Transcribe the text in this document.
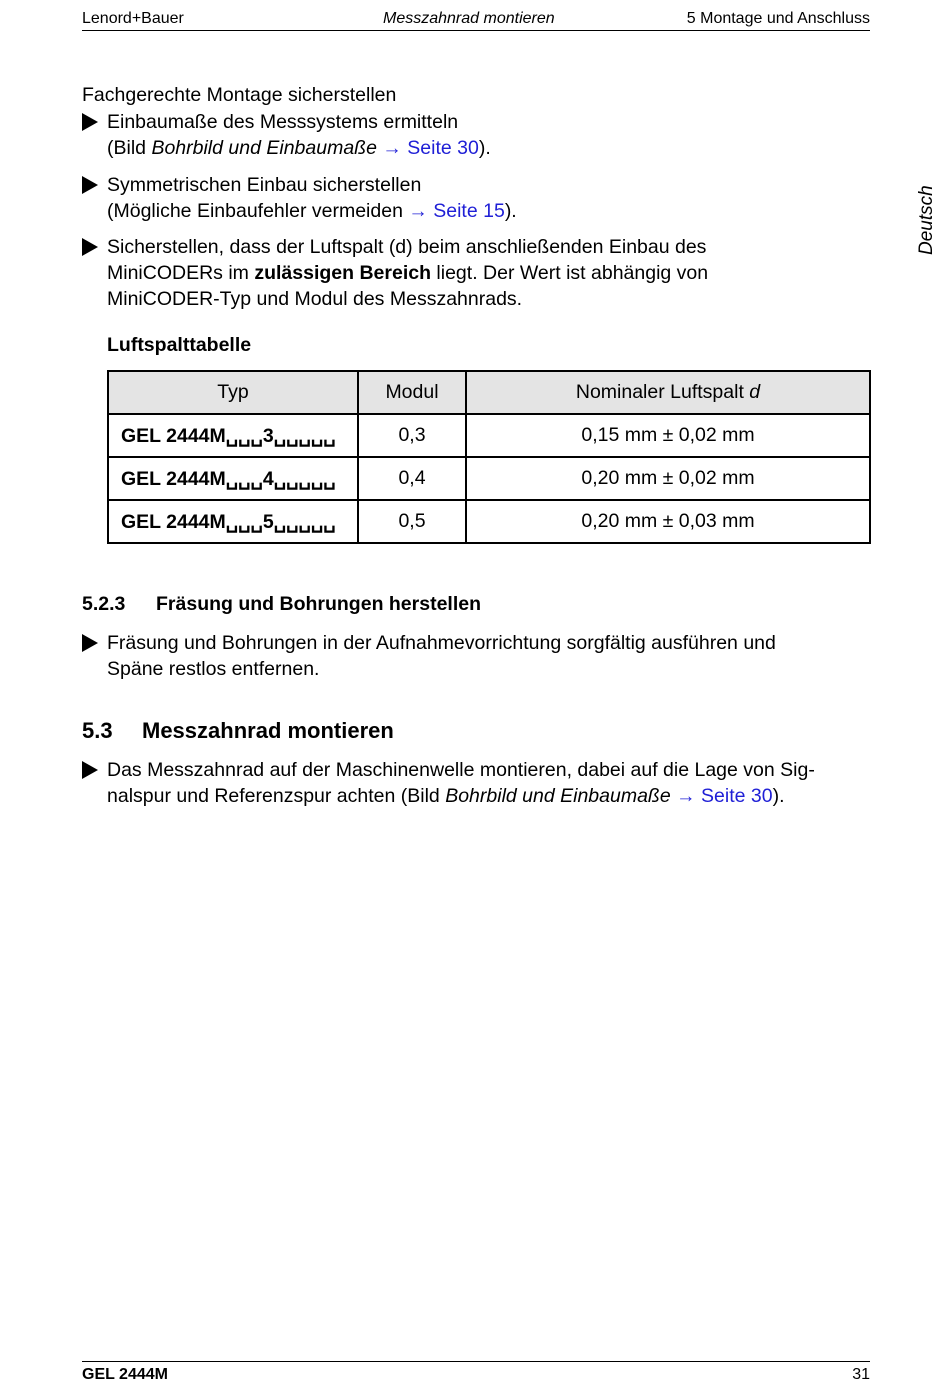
Lenord+Bauer	Messzahnrad montieren	5 Montage und Anschluss
Deutsch
Fachgerechte Montage sicherstellen
Einbaumaße des Messsystems ermitteln
(Bild Bohrbild und Einbaumaße → Seite 30).
Symmetrischen Einbau sicherstellen
(Mögliche Einbaufehler vermeiden → Seite 15).
Sicherstellen, dass der Luftspalt (d) beim anschließenden Einbau des
MiniCODERs im zulässigen Bereich liegt. Der Wert ist abhängig von
MiniCODER-Typ und Modul des Messzahnrads.
Luftspalttabelle
Typ	Modul	Nominaler Luftspalt d
GEL 2444M␣␣␣3␣␣␣␣␣	0,3	0,15 mm ± 0,02 mm
GEL 2444M␣␣␣4␣␣␣␣␣	0,4	0,20 mm ± 0,02 mm
GEL 2444M␣␣␣5␣␣␣␣␣	0,5	0,20 mm ± 0,03 mm
5.2.3 Fräsung und Bohrungen herstellen
Fräsung und Bohrungen in der Aufnahmevorrichtung sorgfältig ausführen und
Späne restlos entfernen.
5.3 Messzahnrad montieren
Das Messzahnrad auf der Maschinenwelle montieren, dabei auf die Lage von Sig-
nalspur und Referenzspur achten (Bild Bohrbild und Einbaumaße → Seite 30).
GEL 2444M	31
